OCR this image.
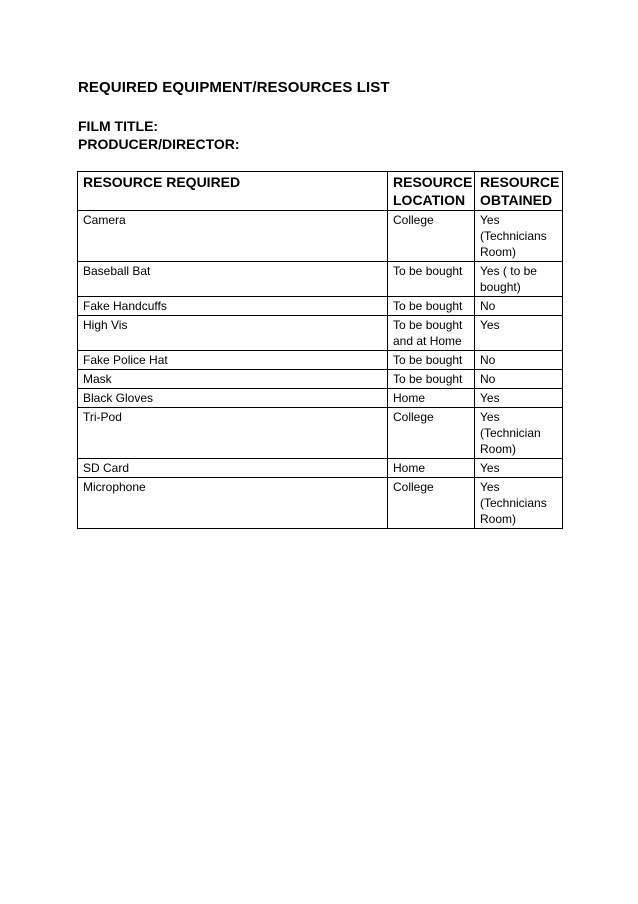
REQUIRED EQUIPMENT/RESOURCES LIST
FILM TITLE:
PRODUCER/DIRECTOR:
RESOURCE REQUIRED	RESOURCE LOCATION	RESOURCE OBTAINED
Camera	College	Yes (Technicians Room)
Baseball Bat	To be bought	Yes ( to be bought)
Fake Handcuffs	To be bought	No
High Vis	To be bought and at Home	Yes
Fake Police Hat	To be bought	No
Mask	To be bought	No
Black Gloves	Home	Yes
Tri-Pod	College	Yes (Technician Room)
SD Card	Home	Yes
Microphone	College	Yes (Technicians Room)
